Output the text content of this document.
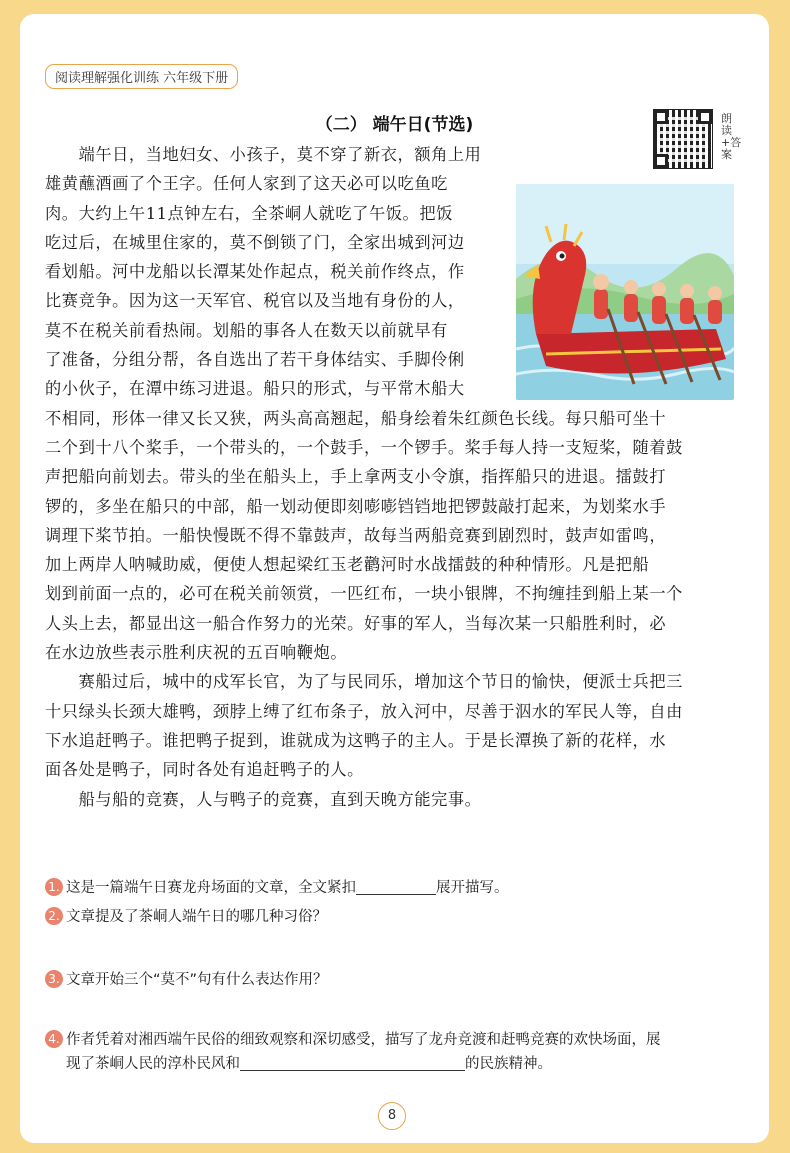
阅读理解强化训练 六年级下册
（二） 端午日(节选)	朗读+答案
　　端午日，当地妇女、小孩子，莫不穿了新衣，额角上用
雄黄蘸酒画了个王字。任何人家到了这天必可以吃鱼吃
肉。大约上午11点钟左右，全茶峒人就吃了午饭。把饭
吃过后，在城里住家的，莫不倒锁了门，全家出城到河边
看划船。河中龙船以长潭某处作起点，税关前作终点，作
比赛竞争。因为这一天军官、税官以及当地有身份的人，
莫不在税关前看热闹。划船的事各人在数天以前就早有
了准备，分组分帮，各自选出了若干身体结实、手脚伶俐
的小伙子，在潭中练习进退。船只的形式，与平常木船大
不相同，形体一律又长又狭，两头高高翘起，船身绘着朱红颜色长线。每只船可坐十
二个到十八个桨手，一个带头的，一个鼓手，一个锣手。桨手每人持一支短桨，随着鼓
声把船向前划去。带头的坐在船头上，手上拿两支小令旗，指挥船只的进退。擂鼓打
锣的，多坐在船只的中部，船一划动便即刻嘭嘭铛铛地把锣鼓敲打起来，为划桨水手
调理下桨节拍。一船快慢既不得不靠鼓声，故每当两船竞赛到剧烈时，鼓声如雷鸣，
加上两岸人呐喊助威，便使人想起梁红玉老鹳河时水战擂鼓的种种情形。凡是把船
划到前面一点的，必可在税关前领赏，一匹红布，一块小银牌，不拘缠挂到船上某一个
人头上去，都显出这一船合作努力的光荣。好事的军人，当每次某一只船胜利时，必
在水边放些表示胜利庆祝的五百响鞭炮。
　　赛船过后，城中的戍军长官，为了与民同乐，增加这个节日的愉快，便派士兵把三
十只绿头长颈大雄鸭，颈脖上缚了红布条子，放入河中，尽善于泅水的军民人等，自由
下水追赶鸭子。谁把鸭子捉到，谁就成为这鸭子的主人。于是长潭换了新的花样，水
面各处是鸭子，同时各处有追赶鸭子的人。
　　船与船的竞赛，人与鸭子的竞赛，直到天晚方能完事。
1. 这是一篇端午日赛龙舟场面的文章，全文紧扣	展开描写。
2. 文章提及了茶峒人端午日的哪几种习俗？
3. 文章开始三个“莫不”句有什么表达作用？
4. 作者凭着对湘西端午民俗的细致观察和深切感受，描写了龙舟竞渡和赶鸭竞赛的欢快场面，展
现了茶峒人民的淳朴民风和	的民族精神。
8
